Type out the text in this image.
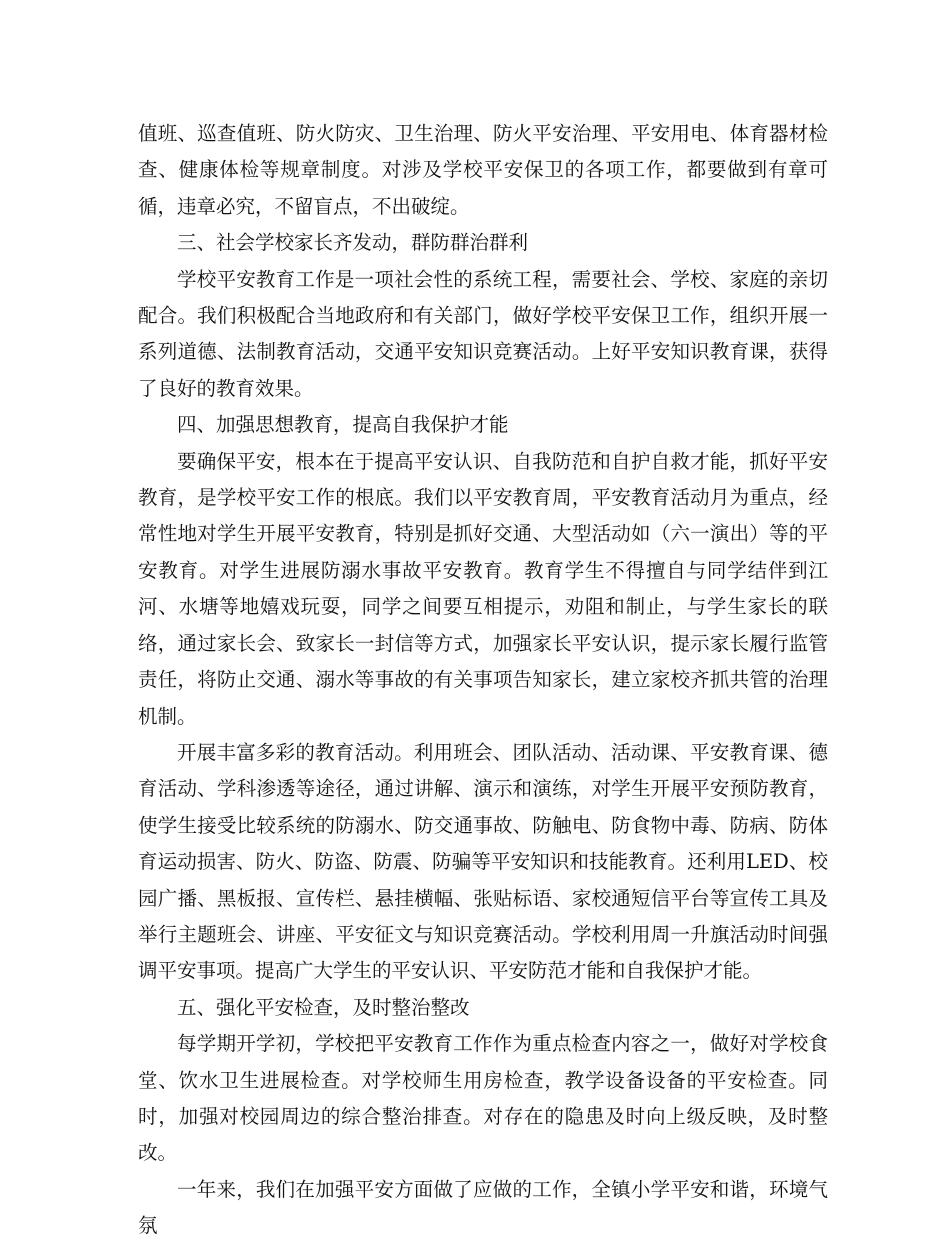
值班、巡查值班、防火防灾、卫生治理、防火平安治理、平安用电、体育器材检查、健康体检等规章制度。对涉及学校平安保卫的各项工作，都要做到有章可循，违章必究，不留盲点，不出破绽。

三、社会学校家长齐发动，群防群治群利

学校平安教育工作是一项社会性的系统工程，需要社会、学校、家庭的亲切配合。我们积极配合当地政府和有关部门，做好学校平安保卫工作，组织开展一系列道德、法制教育活动，交通平安知识竞赛活动。上好平安知识教育课，获得了良好的教育效果。

四、加强思想教育，提高自我保护才能

要确保平安，根本在于提高平安认识、自我防范和自护自救才能，抓好平安教育，是学校平安工作的根底。我们以平安教育周，平安教育活动月为重点，经常性地对学生开展平安教育，特别是抓好交通、大型活动如（六一演出）等的平安教育。对学生进展防溺水事故平安教育。教育学生不得擅自与同学结伴到江河、水塘等地嬉戏玩耍，同学之间要互相提示，劝阻和制止，与学生家长的联络，通过家长会、致家长一封信等方式，加强家长平安认识，提示家长履行监管责任，将防止交通、溺水等事故的有关事项告知家长，建立家校齐抓共管的治理机制。

开展丰富多彩的教育活动。利用班会、团队活动、活动课、平安教育课、德育活动、学科渗透等途径，通过讲解、演示和演练，对学生开展平安预防教育，使学生接受比较系统的防溺水、防交通事故、防触电、防食物中毒、防病、防体育运动损害、防火、防盗、防震、防骗等平安知识和技能教育。还利用LED、校园广播、黑板报、宣传栏、悬挂横幅、张贴标语、家校通短信平台等宣传工具及举行主题班会、讲座、平安征文与知识竞赛活动。学校利用周一升旗活动时间强调平安事项。提高广大学生的平安认识、平安防范才能和自我保护才能。

五、强化平安检查，及时整治整改

每学期开学初，学校把平安教育工作作为重点检查内容之一，做好对学校食堂、饮水卫生进展检查。对学校师生用房检查，教学设备设备的平安检查。同时，加强对校园周边的综合整治排查。对存在的隐患及时向上级反映，及时整改。

一年来，我们在加强平安方面做了应做的工作，全镇小学平安和谐，环境气氛
